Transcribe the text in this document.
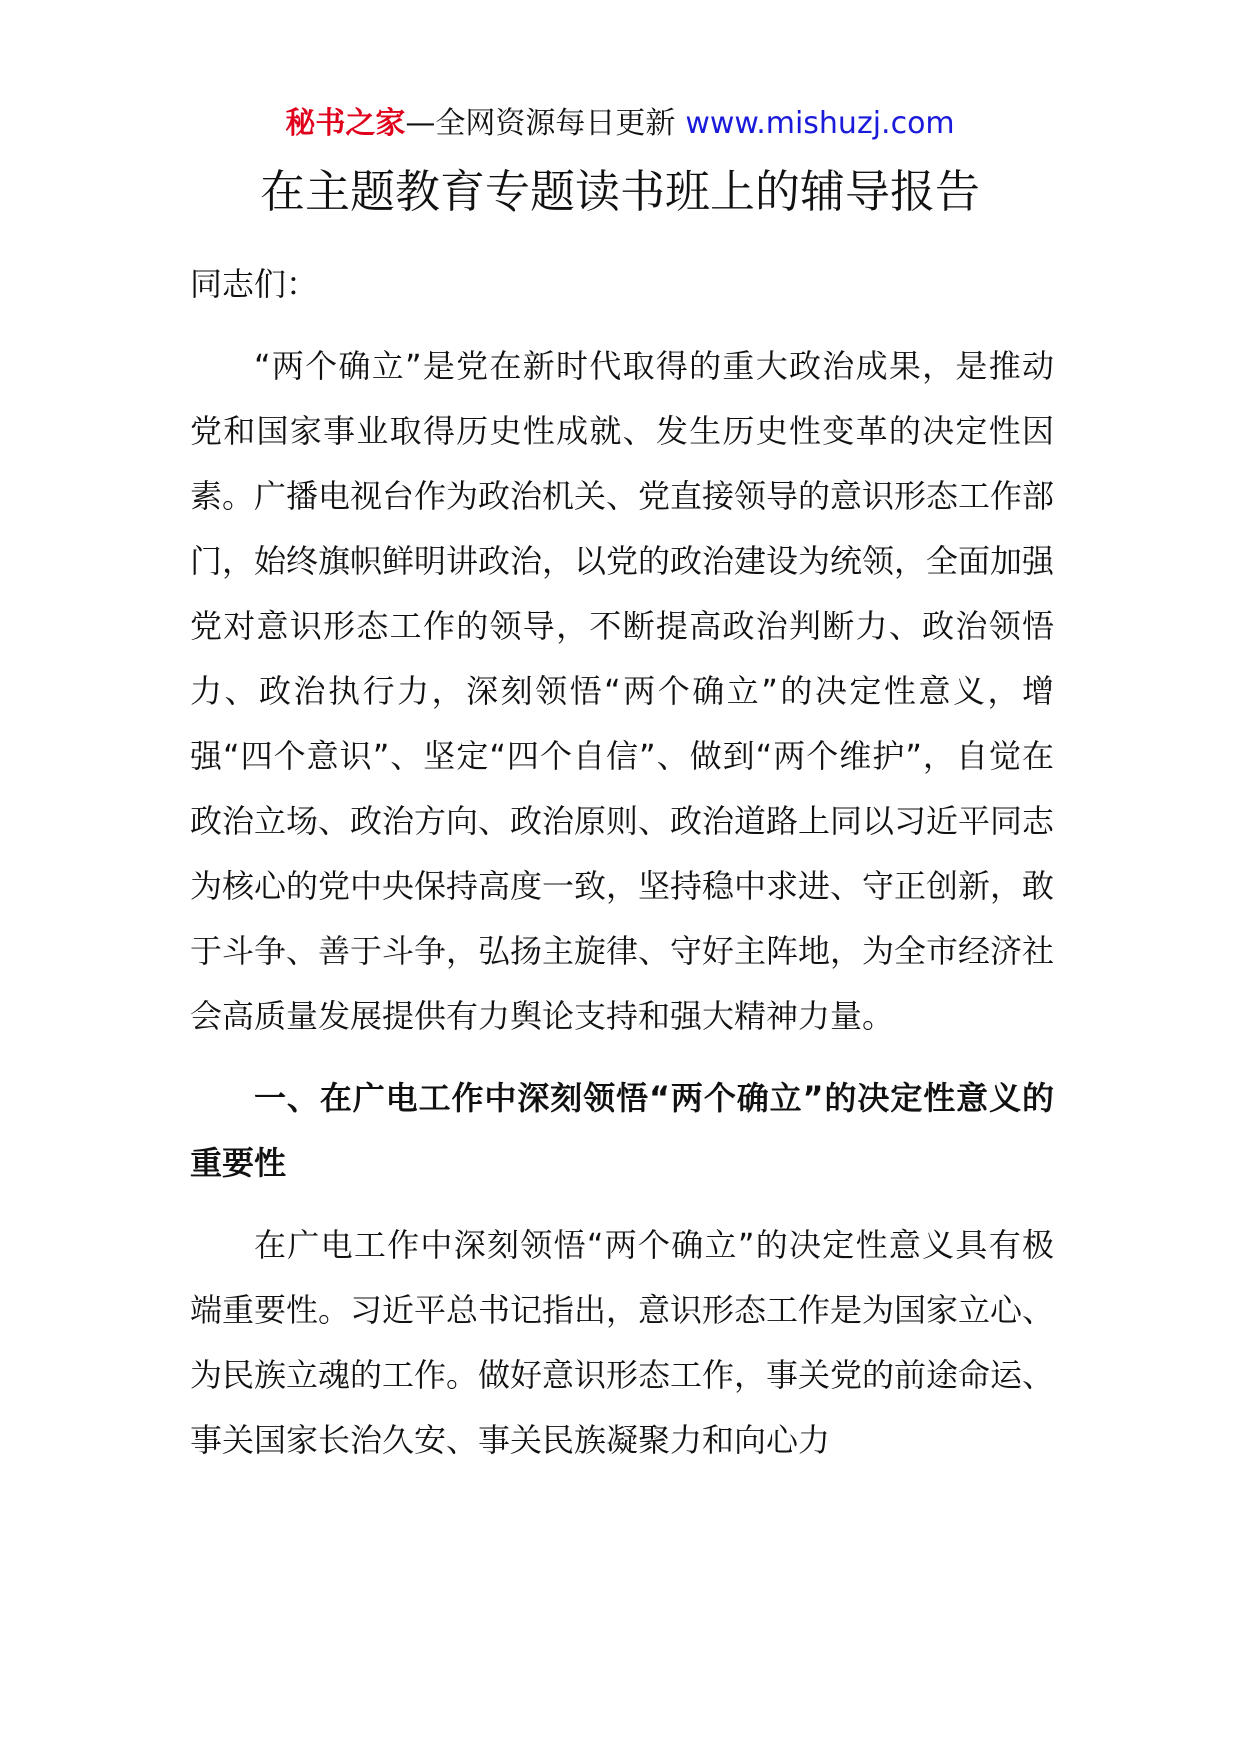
秘书之家—全网资源每日更新 www.mishuzj.com
在主题教育专题读书班上的辅导报告

同志们：

“两个确立”是党在新时代取得的重大政治成果，是推动党和国家事业取得历史性成就、发生历史性变革的决定性因素。广播电视台作为政治机关、党直接领导的意识形态工作部门，始终旗帜鲜明讲政治，以党的政治建设为统领，全面加强党对意识形态工作的领导，不断提高政治判断力、政治领悟力、政治执行力，深刻领悟“两个确立”的决定性意义，增强“四个意识”、坚定“四个自信”、做到“两个维护”，自觉在政治立场、政治方向、政治原则、政治道路上同以习近平同志为核心的党中央保持高度一致，坚持稳中求进、守正创新，敢于斗争、善于斗争，弘扬主旋律、守好主阵地，为全市经济社会高质量发展提供有力舆论支持和强大精神力量。

一、在广电工作中深刻领悟“两个确立”的决定性意义的重要性

在广电工作中深刻领悟“两个确立”的决定性意义具有极端重要性。习近平总书记指出，意识形态工作是为国家立心、为民族立魂的工作。做好意识形态工作，事关党的前途命运、事关国家长治久安、事关民族凝聚力和向心力
